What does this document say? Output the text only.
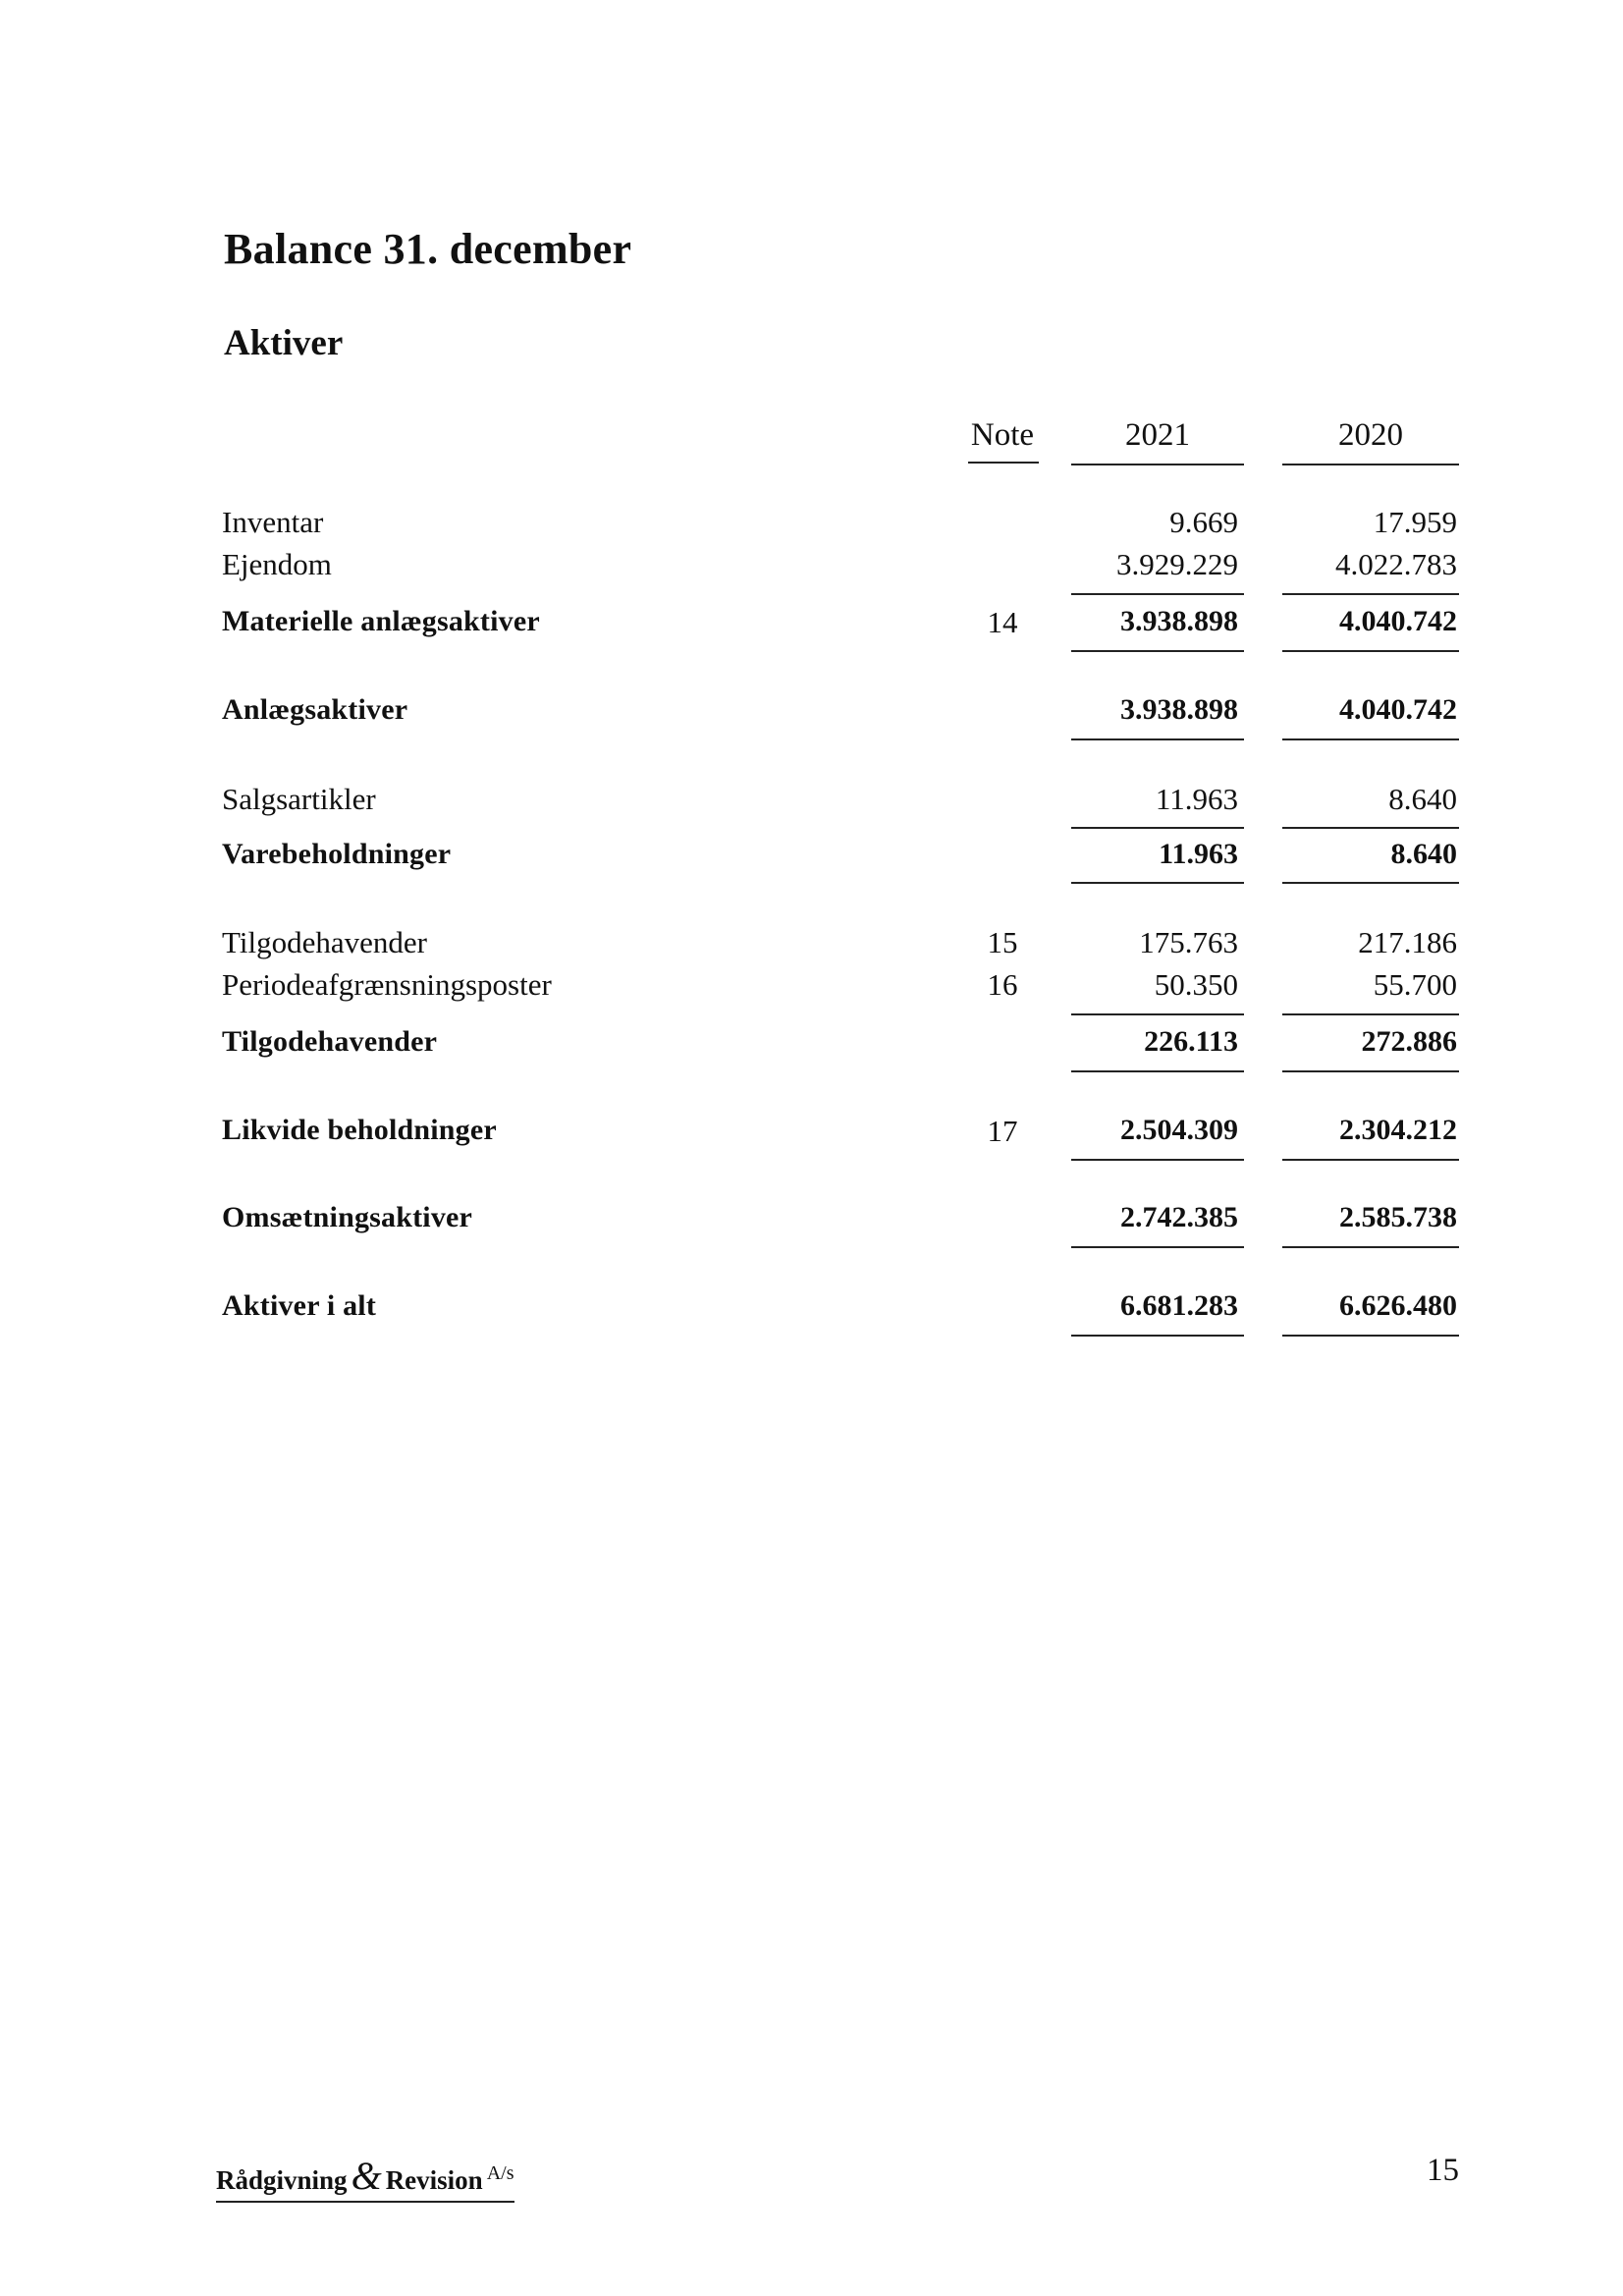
Balance 31. december
Aktiver
Note	2021	2020
Inventar	9.669	17.959
Ejendom	3.929.229	4.022.783
Materielle anlægsaktiver	14	3.938.898	4.040.742
Anlægsaktiver	3.938.898	4.040.742
Salgsartikler	11.963	8.640
Varebeholdninger	11.963	8.640
Tilgodehavender	15	175.763	217.186
Periodeafgrænsningsposter	16	50.350	55.700
Tilgodehavender	226.113	272.886
Likvide beholdninger	17	2.504.309	2.304.212
Omsætningsaktiver	2.742.385	2.585.738
Aktiver i alt	6.681.283	6.626.480
Rådgivning & Revision $^{A/s}$	15
